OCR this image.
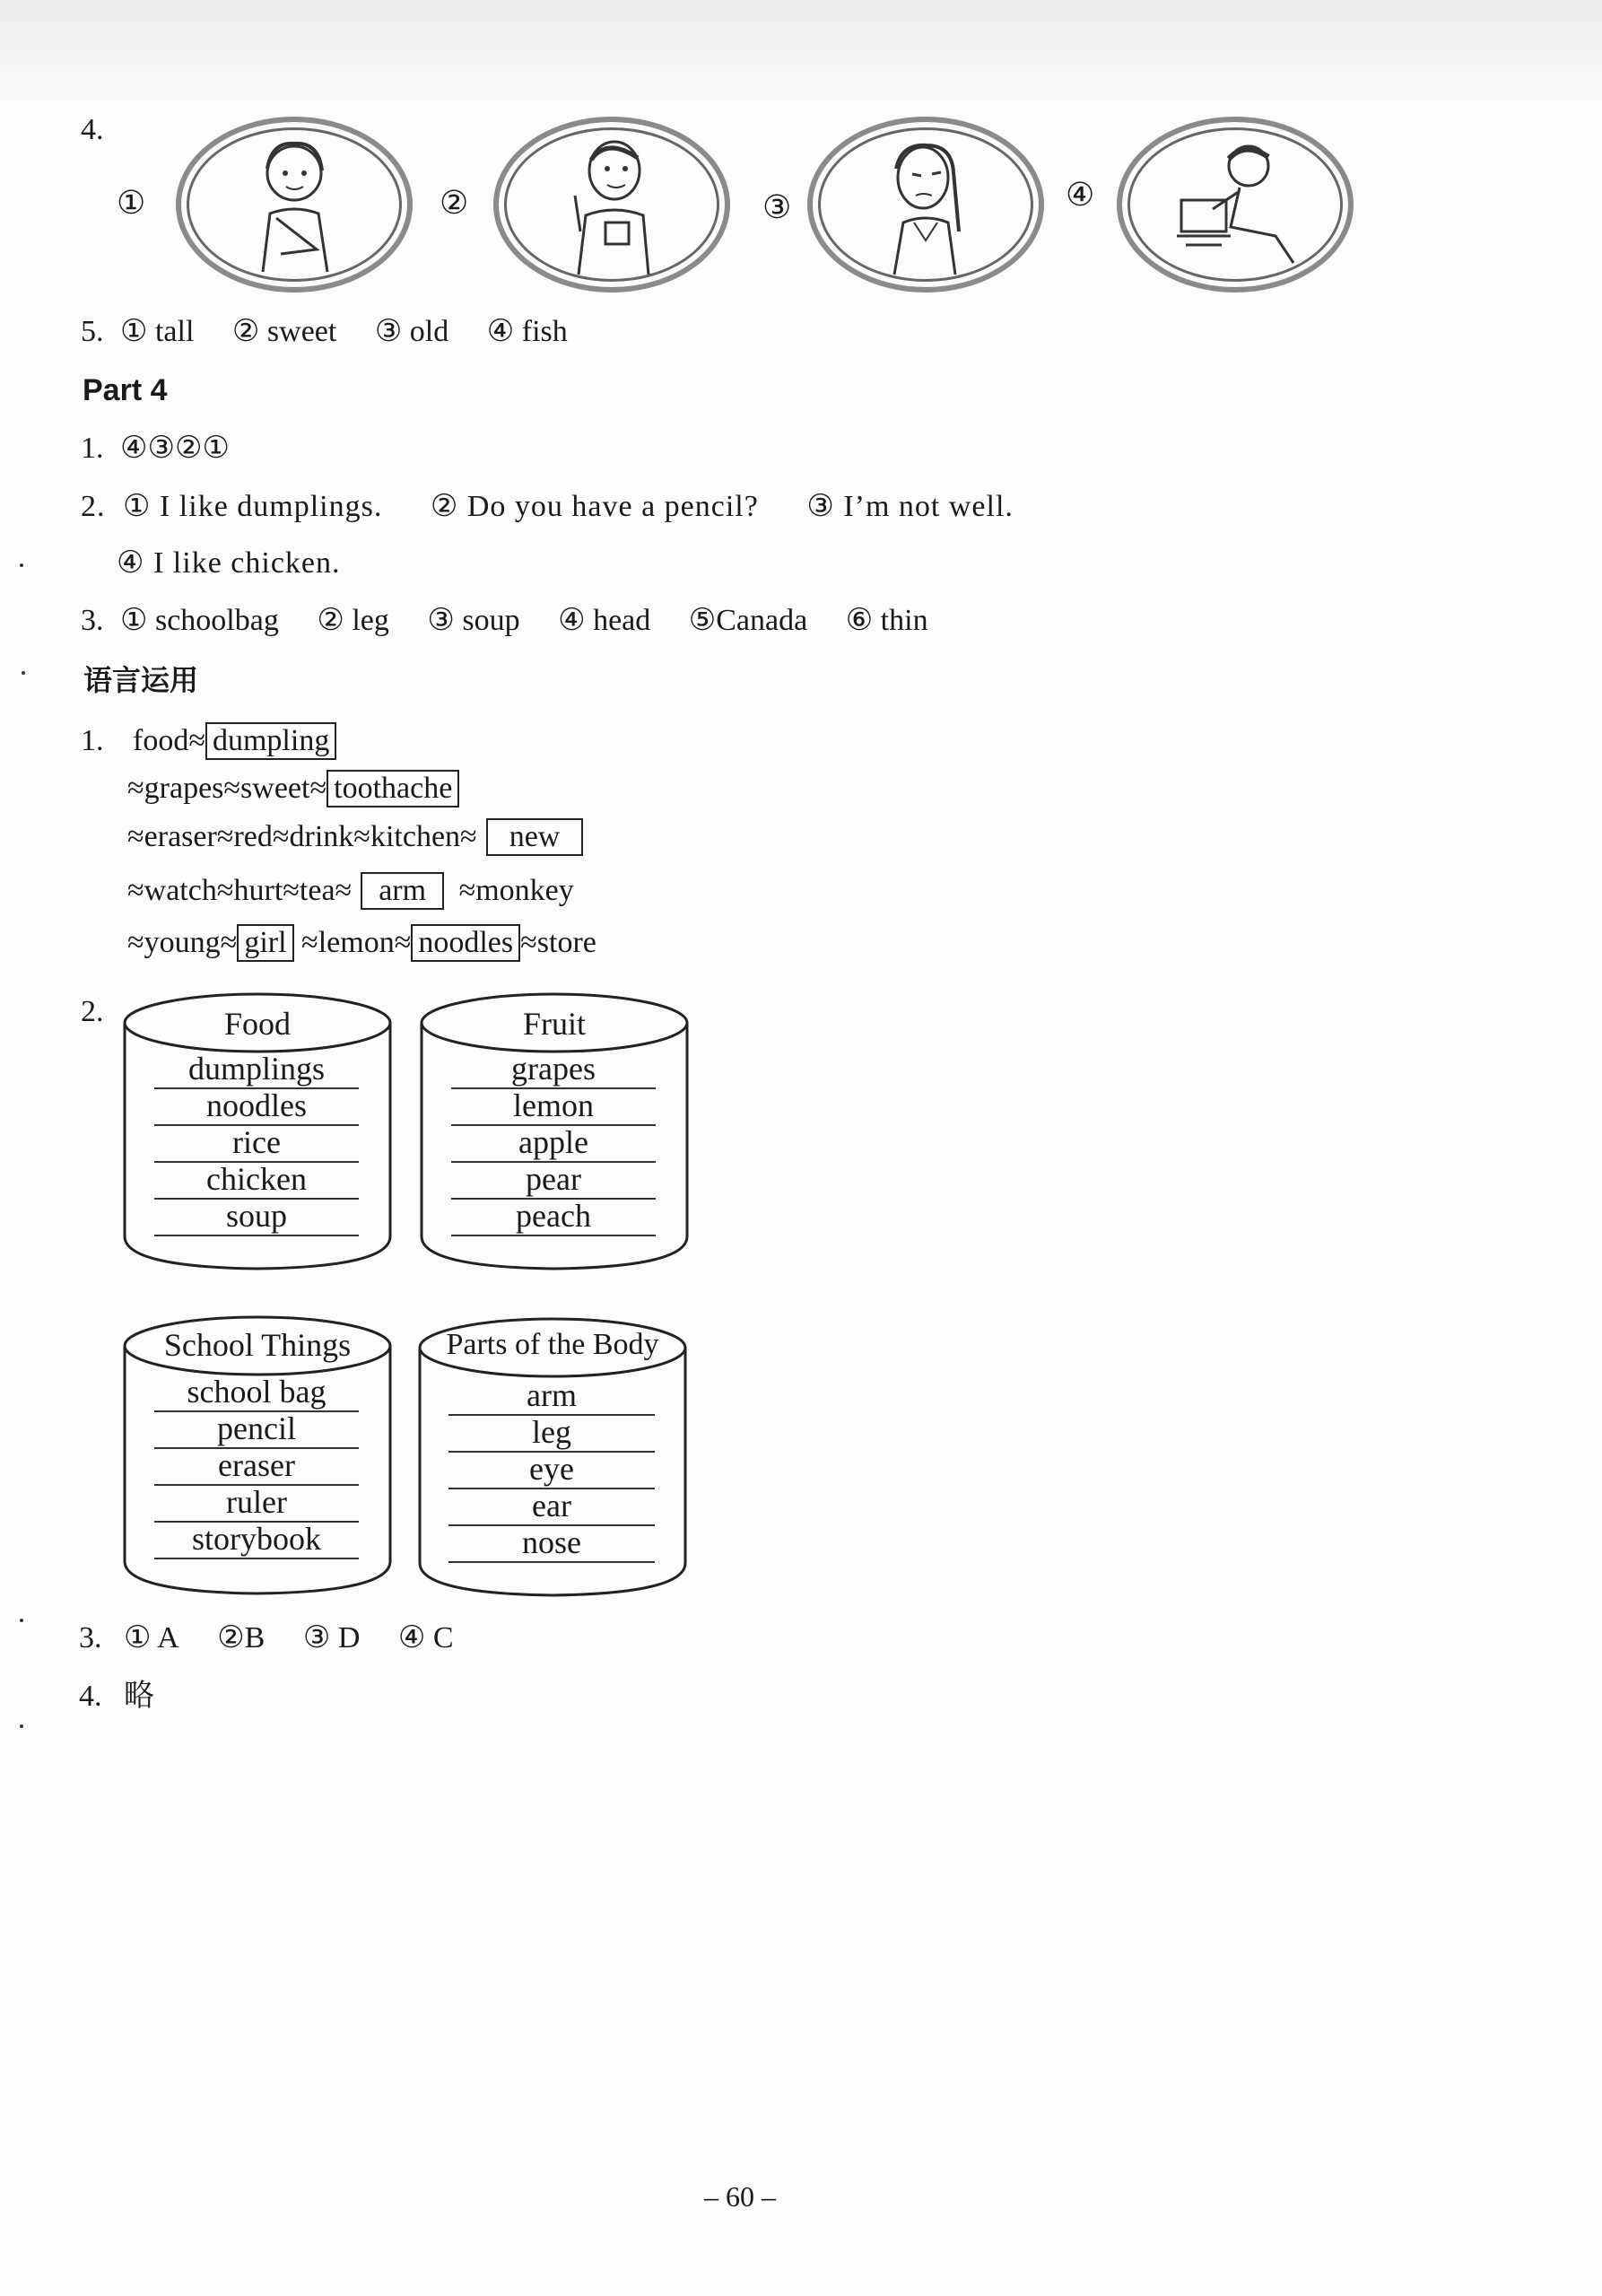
4.
①	②	③	④
5. ① tall ② sweet ③ old ④ fish
Part 4
1. ④③②①
2. ① I like dumplings. ② Do you have a pencil? ③ I’m not well.
④ I like chicken.
3. ① schoolbag ② leg ③ soup ④ head ⑤Canada ⑥ thin
语言运用
1. food≈ dumpling
≈grapes≈sweet≈ toothache
≈eraser≈red≈drink≈kitchen≈ new
≈watch≈hurt≈tea≈ arm ≈monkey
≈young≈ girl ≈lemon≈ noodles ≈store
2.	Food
dumplings
noodles
rice
chicken
soup
Fruit
grapes
lemon
apple
pear
peach
School Things
school bag
pencil
eraser
ruler
storybook
Parts of the Body
arm
leg
eye
ear
nose
3. ① A ②B ③ D ④ C
4. 略
– 60 –
